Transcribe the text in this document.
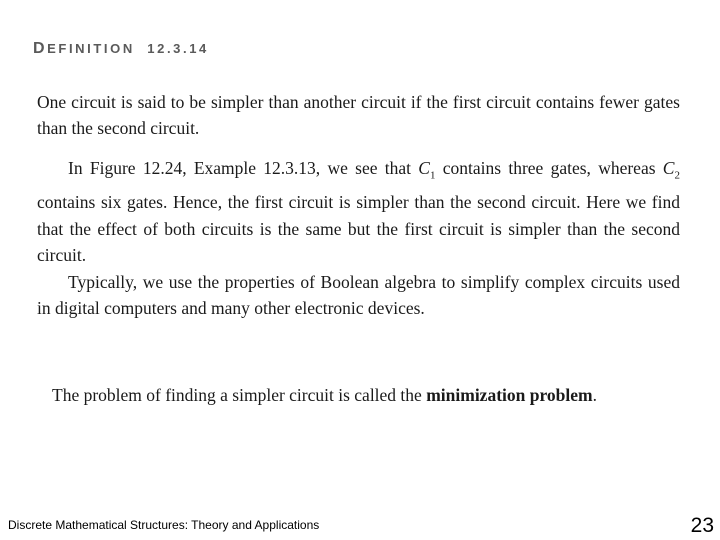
DEFINITION 12.3.14

One circuit is said to be simpler than another circuit if the first circuit contains fewer gates than the second circuit.

In Figure 12.24, Example 12.3.13, we see that $C_1$ contains three gates, whereas $C_2$ contains six gates. Hence, the first circuit is simpler than the second circuit. Here we find that the effect of both circuits is the same but the first circuit is simpler than the second circuit.

Typically, we use the properties of Boolean algebra to simplify complex circuits used in digital computers and many other electronic devices.

The problem of finding a simpler circuit is called the minimization problem.

Discrete Mathematical Structures: Theory and Applications	23
